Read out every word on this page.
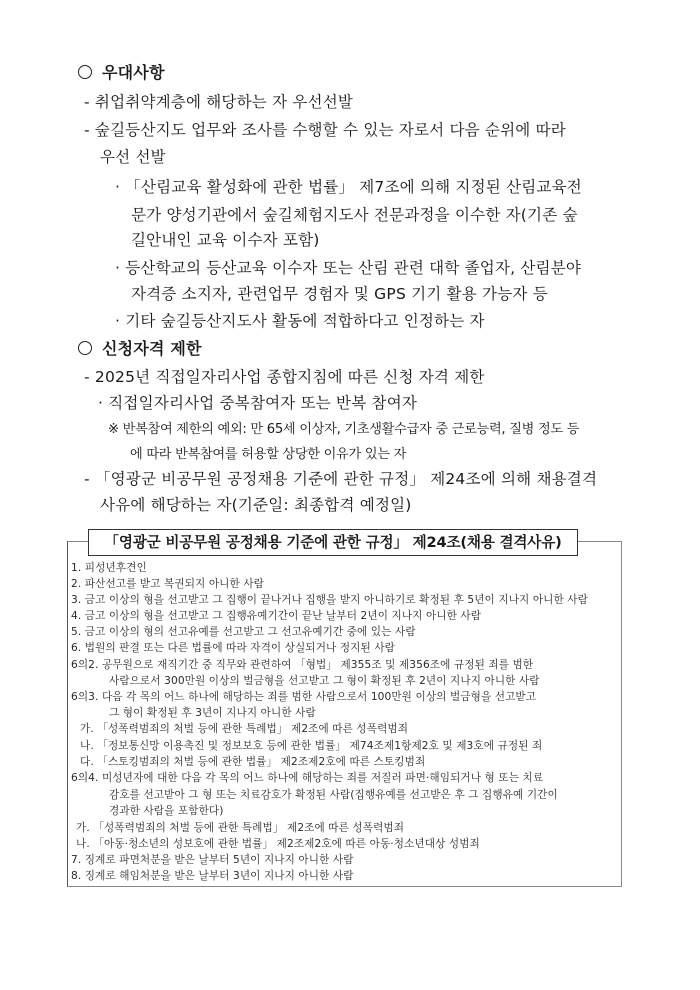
우대사항
- 취업취약계층에 해당하는 자 우선선발
- 숲길등산지도 업무와 조사를 수행할 수 있는 자로서 다음 순위에 따라
우선 선발
· 「산림교육 활성화에 관한 법률」 제7조에 의해 지정된 산림교육전
문가 양성기관에서 숲길체험지도사 전문과정을 이수한 자(기존 숲
길안내인 교육 이수자 포함)
· 등산학교의 등산교육 이수자 또는 산림 관련 대학 졸업자, 산림분야
자격증 소지자, 관련업무 경험자 및 GPS 기기 활용 가능자 등
· 기타 숲길등산지도사 활동에 적합하다고 인정하는 자
신청자격 제한
- 2025년 직접일자리사업 종합지침에 따른 신청 자격 제한
· 직접일자리사업 중복참여자 또는 반복 참여자
※ 반복참여 제한의 예외: 만 65세 이상자, 기초생활수급자 중 근로능력, 질병 정도 등
에 따라 반복참여를 허용할 상당한 이유가 있는 자
- 「영광군 비공무원 공정채용 기준에 관한 규정」 제24조에 의해 채용결격
사유에 해당하는 자(기준일: 최종합격 예정일)
「영광군 비공무원 공정채용 기준에 관한 규정」 제24조(채용 결격사유)
1. 피성년후견인
2. 파산선고를 받고 복권되지 아니한 사람
3. 금고 이상의 형을 선고받고 그 집행이 끝나거나 집행을 받지 아니하기로 확정된 후 5년이 지나지 아니한 사람
4. 금고 이상의 형을 선고받고 그 집행유예기간이 끝난 날부터 2년이 지나지 아니한 사람
5. 금고 이상의 형의 선고유예를 선고받고 그 선고유예기간 중에 있는 사람
6. 법원의 판결 또는 다른 법률에 따라 자격이 상실되거나 정지된 사람
6의2. 공무원으로 재직기간 중 직무와 관련하여 「형법」 제355조 및 제356조에 규정된 죄를 범한
사람으로서 300만원 이상의 벌금형을 선고받고 그 형이 확정된 후 2년이 지나지 아니한 사람
6의3. 다음 각 목의 어느 하나에 해당하는 죄를 범한 사람으로서 100만원 이상의 벌금형을 선고받고
그 형이 확정된 후 3년이 지나지 아니한 사람
가. 「성폭력범죄의 처벌 등에 관한 특례법」 제2조에 따른 성폭력범죄
나. 「정보통신망 이용촉진 및 정보보호 등에 관한 법률」 제74조제1항제2호 및 제3호에 규정된 죄
다. 「스토킹범죄의 처벌 등에 관한 법률」 제2조제2호에 따른 스토킹범죄
6의4. 미성년자에 대한 다음 각 목의 어느 하나에 해당하는 죄를 저질러 파면·해임되거나 형 또는 치료
감호를 선고받아 그 형 또는 치료감호가 확정된 사람(집행유예를 선고받은 후 그 집행유예 기간이
경과한 사람을 포함한다)
가. 「성폭력범죄의 처벌 등에 관한 특례법」 제2조에 따른 성폭력범죄
나. 「아동·청소년의 성보호에 관한 법률」 제2조제2호에 따른 아동·청소년대상 성범죄
7. 징계로 파면처분을 받은 날부터 5년이 지나지 아니한 사람
8. 징계로 해임처분을 받은 날부터 3년이 지나지 아니한 사람
